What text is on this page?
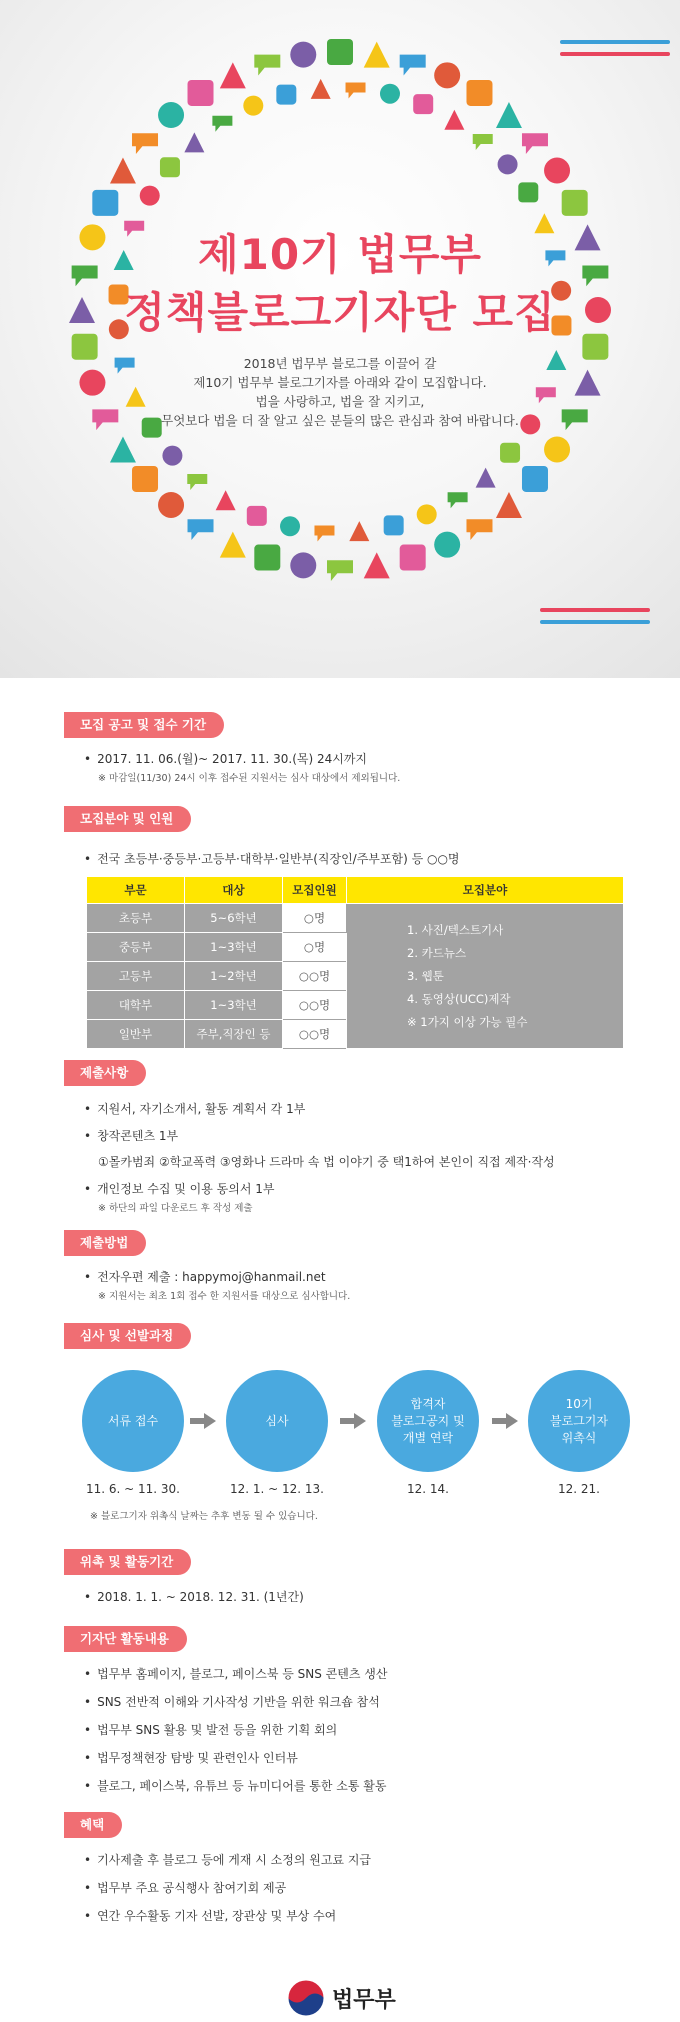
제10기 법무부
정책블로그기자단 모집
2018년 법무부 블로그를 이끌어 갈
제10기 법무부 블로그기자를 아래와 같이 모집합니다.
법을 사랑하고, 법을 잘 지키고,
무엇보다 법을 더 잘 알고 싶은 분들의 많은 관심과 참여 바랍니다.
모집 공고 및 접수 기간
• 2017. 11. 06.(월)~ 2017. 11. 30.(목) 24시까지
※ 마감일(11/30) 24시 이후 접수된 지원서는 심사 대상에서 제외됩니다.
모집분야 및 인원
• 전국 초등부·중등부·고등부·대학부·일반부(직장인/주부포함) 등 ○○명
부문	대상	모집인원	모집분야
초등부	5~6학년	○명	1. 사진/텍스트기사
2. 카드뉴스
3. 웹툰
4. 동영상(UCC)제작
※ 1가지 이상 가능 필수

중등부	1~3학년	○명	
고등부	1~2학년	○○명	
대학부	1~3학년	○○명	
일반부	주부,직장인 등	○○명	
제출사항
• 지원서, 자기소개서, 활동 계획서 각 1부
• 창작콘텐츠 1부
①몰카범죄 ②학교폭력 ③영화나 드라마 속 법 이야기 중 택1하여 본인이 직접 제작·작성
• 개인정보 수집 및 이용 동의서 1부
※ 하단의 파일 다운로드 후 작성 제출
제출방법
• 전자우편 제출 : happymoj@hanmail.net
※ 지원서는 최초 1회 접수 한 지원서를 대상으로 심사합니다.
심사 및 선발과정
서류 접수	심사
합격자
블로그공지 및
개별 연락
10기
블로그기자
위촉식
11. 6. ~ 11. 30.	12. 1. ~ 12. 13.	12. 14.	12. 21.
※ 블로그기자 위촉식 날짜는 추후 변동 될 수 있습니다.
위촉 및 활동기간
• 2018. 1. 1. ~ 2018. 12. 31. (1년간)
기자단 활동내용
• 법무부 홈페이지, 블로그, 페이스북 등 SNS 콘텐츠 생산
• SNS 전반적 이해와 기사작성 기반을 위한 워크숍 참석
• 법무부 SNS 활용 및 발전 등을 위한 기획 회의
• 법무정책현장 탐방 및 관련인사 인터뷰
• 블로그, 페이스북, 유튜브 등 뉴미디어를 통한 소통 활동
혜택
• 기사제출 후 블로그 등에 게재 시 소정의 원고료 지급
• 법무부 주요 공식행사 참여기회 제공
• 연간 우수활동 기자 선발, 장관상 및 부상 수여
법무부
